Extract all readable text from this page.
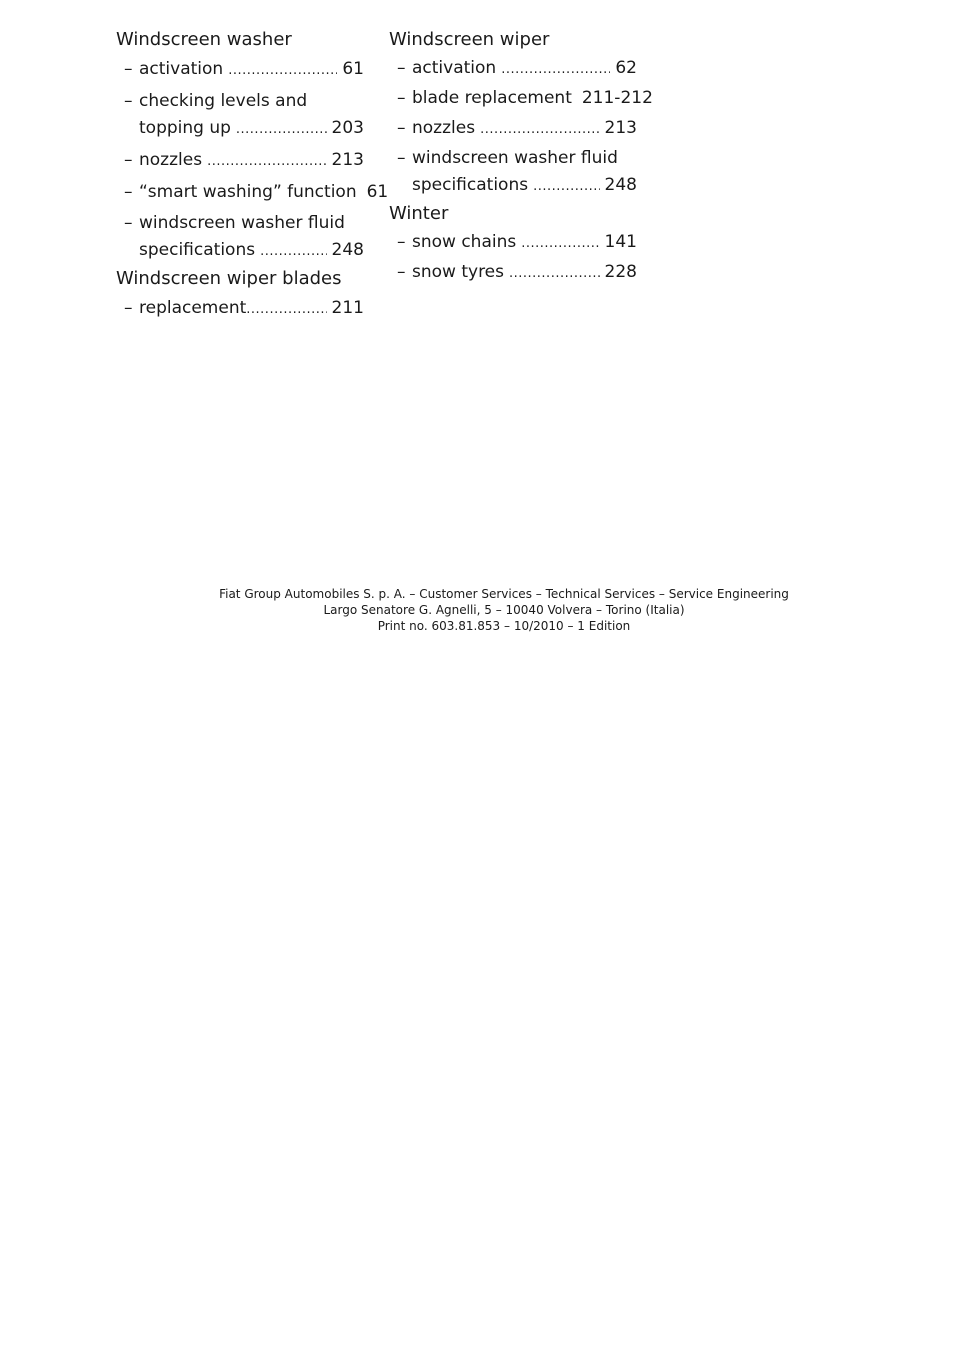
Windscreen washer
– activation .....	61
– checking levels and
topping up .....	203
– nozzles .....	213
– “smart washing” function 61
– windscreen washer fluid
specifications .....	248
Windscreen wiper blades
– replacement .....	211
Windscreen wiper
– activation .....	62
– blade replacement 211-212
– nozzles .....	213
– windscreen washer fluid
specifications .....	248
Winter
– snow chains .....	141
– snow tyres .....	228
Fiat Group Automobiles S. p. A. – Customer Services – Technical Services – Service Engineering
Largo Senatore G. Agnelli, 5 – 10040 Volvera – Torino (Italia)
Print no. 603.81.853 – 10/2010 – 1 Edition
